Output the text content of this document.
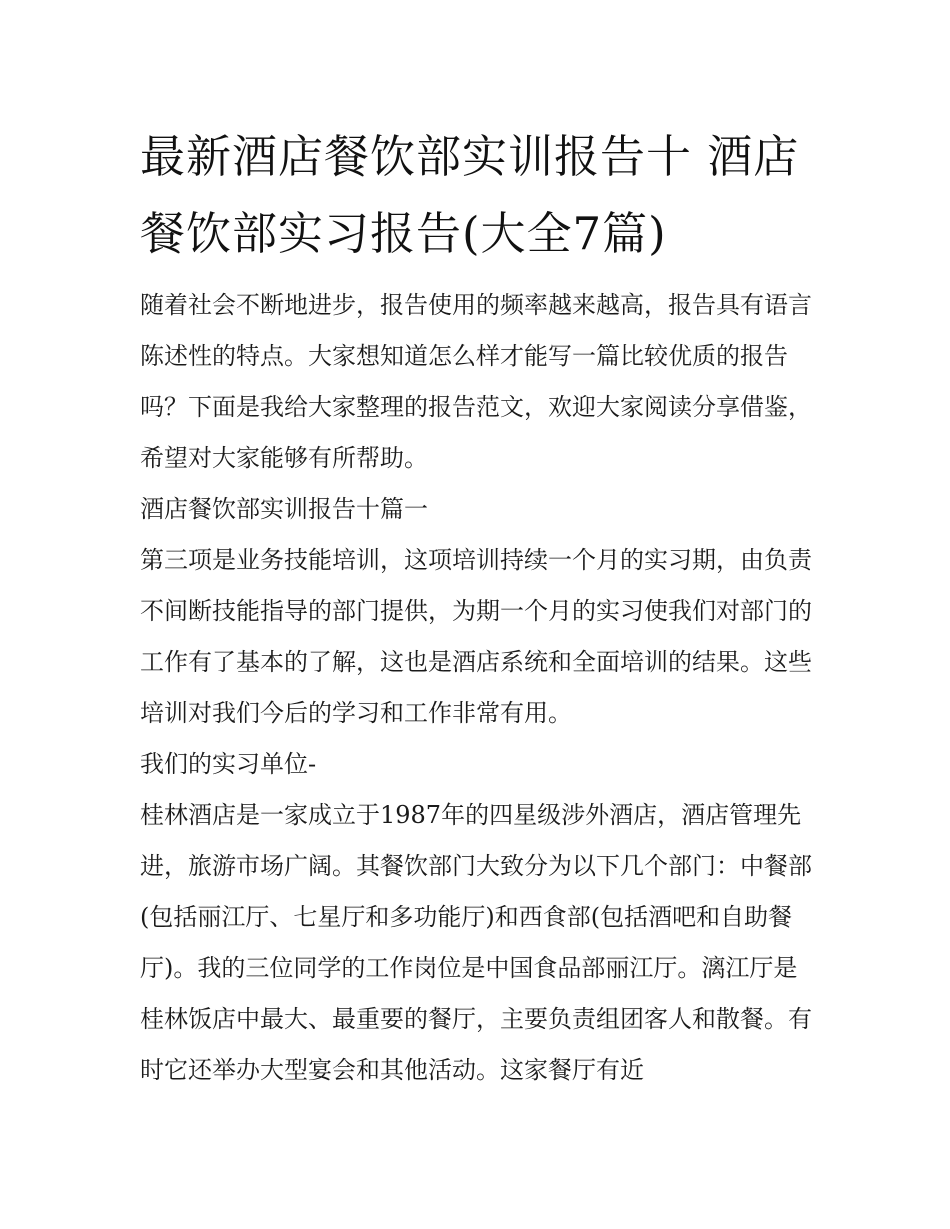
最新酒店餐饮部实训报告十 酒店餐饮部实习报告(大全7篇)

随着社会不断地进步，报告使用的频率越来越高，报告具有语言陈述性的特点。大家想知道怎么样才能写一篇比较优质的报告吗？下面是我给大家整理的报告范文，欢迎大家阅读分享借鉴，希望对大家能够有所帮助。

酒店餐饮部实训报告十篇一

第三项是业务技能培训，这项培训持续一个月的实习期，由负责不间断技能指导的部门提供，为期一个月的实习使我们对部门的工作有了基本的了解，这也是酒店系统和全面培训的结果。这些培训对我们今后的学习和工作非常有用。

我们的实习单位-

桂林酒店是一家成立于1987年的四星级涉外酒店，酒店管理先进，旅游市场广阔。其餐饮部门大致分为以下几个部门：中餐部(包括丽江厅、七星厅和多功能厅)和西食部(包括酒吧和自助餐厅)。我的三位同学的工作岗位是中国食品部丽江厅。漓江厅是桂林饭店中最大、最重要的餐厅，主要负责组团客人和散餐。有时它还举办大型宴会和其他活动。这家餐厅有近
